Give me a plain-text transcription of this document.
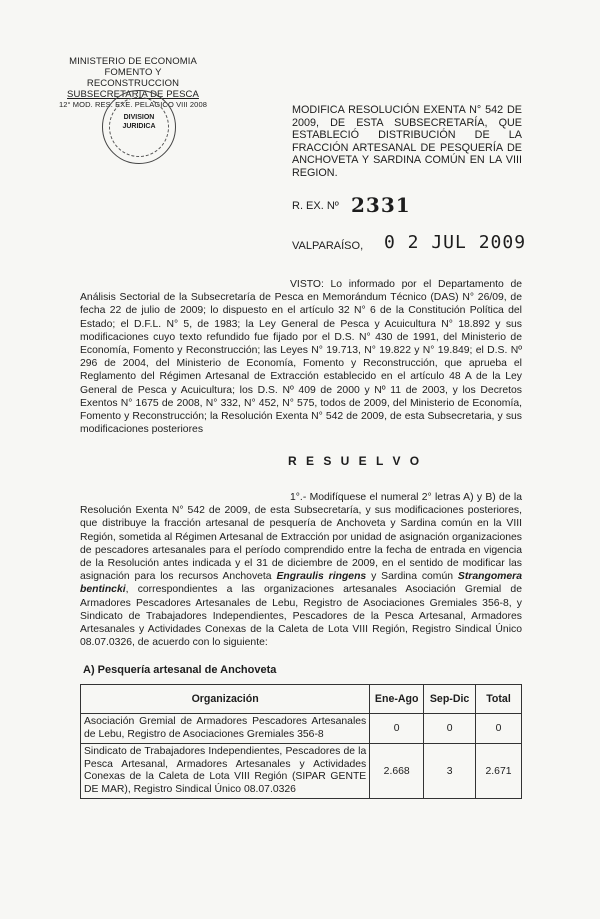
MINISTERIO DE ECONOMIA
FOMENTO Y RECONSTRUCCION
SUBSECRETARIA DE PESCA
12° MOD. RES. EXE. PELAGICO VIII 2008
DIVISION
JURIDICA
MODIFICA RESOLUCIÓN EXENTA N° 542 DE 2009, DE ESTA SUBSECRETARÍA, QUE ESTABLECIÓ DISTRIBUCIÓN DE LA FRACCIÓN ARTESANAL DE PESQUERÍA DE ANCHOVETA Y SARDINA COMÚN EN LA VIII REGION.
R. EX. Nº 2331
VALPARAÍSO, 0 2 JUL 2009
VISTO: Lo informado por el Departamento de Análisis Sectorial de la Subsecretaría de Pesca en Memorándum Técnico (DAS) N° 26/09, de fecha 22 de julio de 2009; lo dispuesto en el artículo 32 N° 6 de la Constitución Política del Estado; el D.F.L. N° 5, de 1983; la Ley General de Pesca y Acuicultura N° 18.892 y sus modificaciones cuyo texto refundido fue fijado por el D.S. N° 430 de 1991, del Ministerio de Economía, Fomento y Reconstrucción; las Leyes N° 19.713, N° 19.822 y N° 19.849; el D.S. Nº 296 de 2004, del Ministerio de Economía, Fomento y Reconstrucción, que aprueba el Reglamento del Régimen Artesanal de Extracción establecido en el artículo 48 A de la Ley General de Pesca y Acuicultura; los D.S. Nº 409 de 2000 y Nº 11 de 2003, y los Decretos Exentos N° 1675 de 2008, N° 332, N° 452, N° 575, todos de 2009, del Ministerio de Economía, Fomento y Reconstrucción; la Resolución Exenta N° 542 de 2009, de esta Subsecretaria, y sus modificaciones posteriores
R E S U E L V O
1°.- Modifíquese el numeral 2° letras A) y B) de la Resolución Exenta N° 542 de 2009, de esta Subsecretaría, y sus modificaciones posteriores, que distribuye la fracción artesanal de pesquería de Anchoveta y Sardina común en la VIII Región, sometida al Régimen Artesanal de Extracción por unidad de asignación organizaciones de pescadores artesanales para el período comprendido entre la fecha de entrada en vigencia de la Resolución antes indicada y el 31 de diciembre de 2009, en el sentido de modificar las asignación para los recursos Anchoveta Engraulis ringens y Sardina común Strangomera bentincki, correspondientes a las organizaciones artesanales Asociación Gremial de Armadores Pescadores Artesanales de Lebu, Registro de Asociaciones Gremiales 356-8, y Sindicato de Trabajadores Independientes, Pescadores de la Pesca Artesanal, Armadores Artesanales y Actividades Conexas de la Caleta de Lota VIII Región, Registro Sindical Único 08.07.0326, de acuerdo con lo siguiente:
A) Pesquería artesanal de Anchoveta
Organización	Ene-Ago	Sep-Dic	Total
Asociación Gremial de Armadores Pescadores Artesanales de Lebu, Registro de Asociaciones Gremiales 356-8	0	0	0
Sindicato de Trabajadores Independientes, Pescadores de la Pesca Artesanal, Armadores Artesanales y Actividades Conexas de la Caleta de Lota VIII Región (SIPAR GENTE DE MAR), Registro Sindical Único 08.07.0326	2.668	3	2.671
